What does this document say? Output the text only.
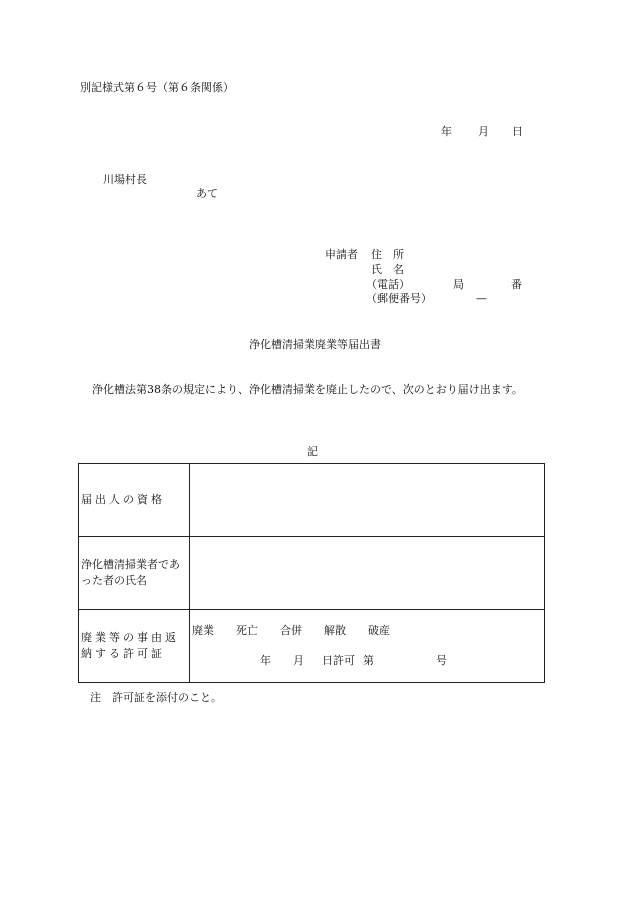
別記様式第６号（第６条関係）
年 月 日
川場村長
あて
申請者 住　所
氏　名
（電話）	局	番
（郵便番号）	—
浄化槽清掃業廃業等届出書
浄化槽法第38条の規定により、浄化槽清掃業を廃止したので、次のとおり届け出ます。
記
届出人の資格	
浄化槽清掃業者であった者の氏名	
廃業等の事由返納する許可証	廃業 死亡 合併 解散 破産
年 月 日許可 第 号
注　許可証を添付のこと。
